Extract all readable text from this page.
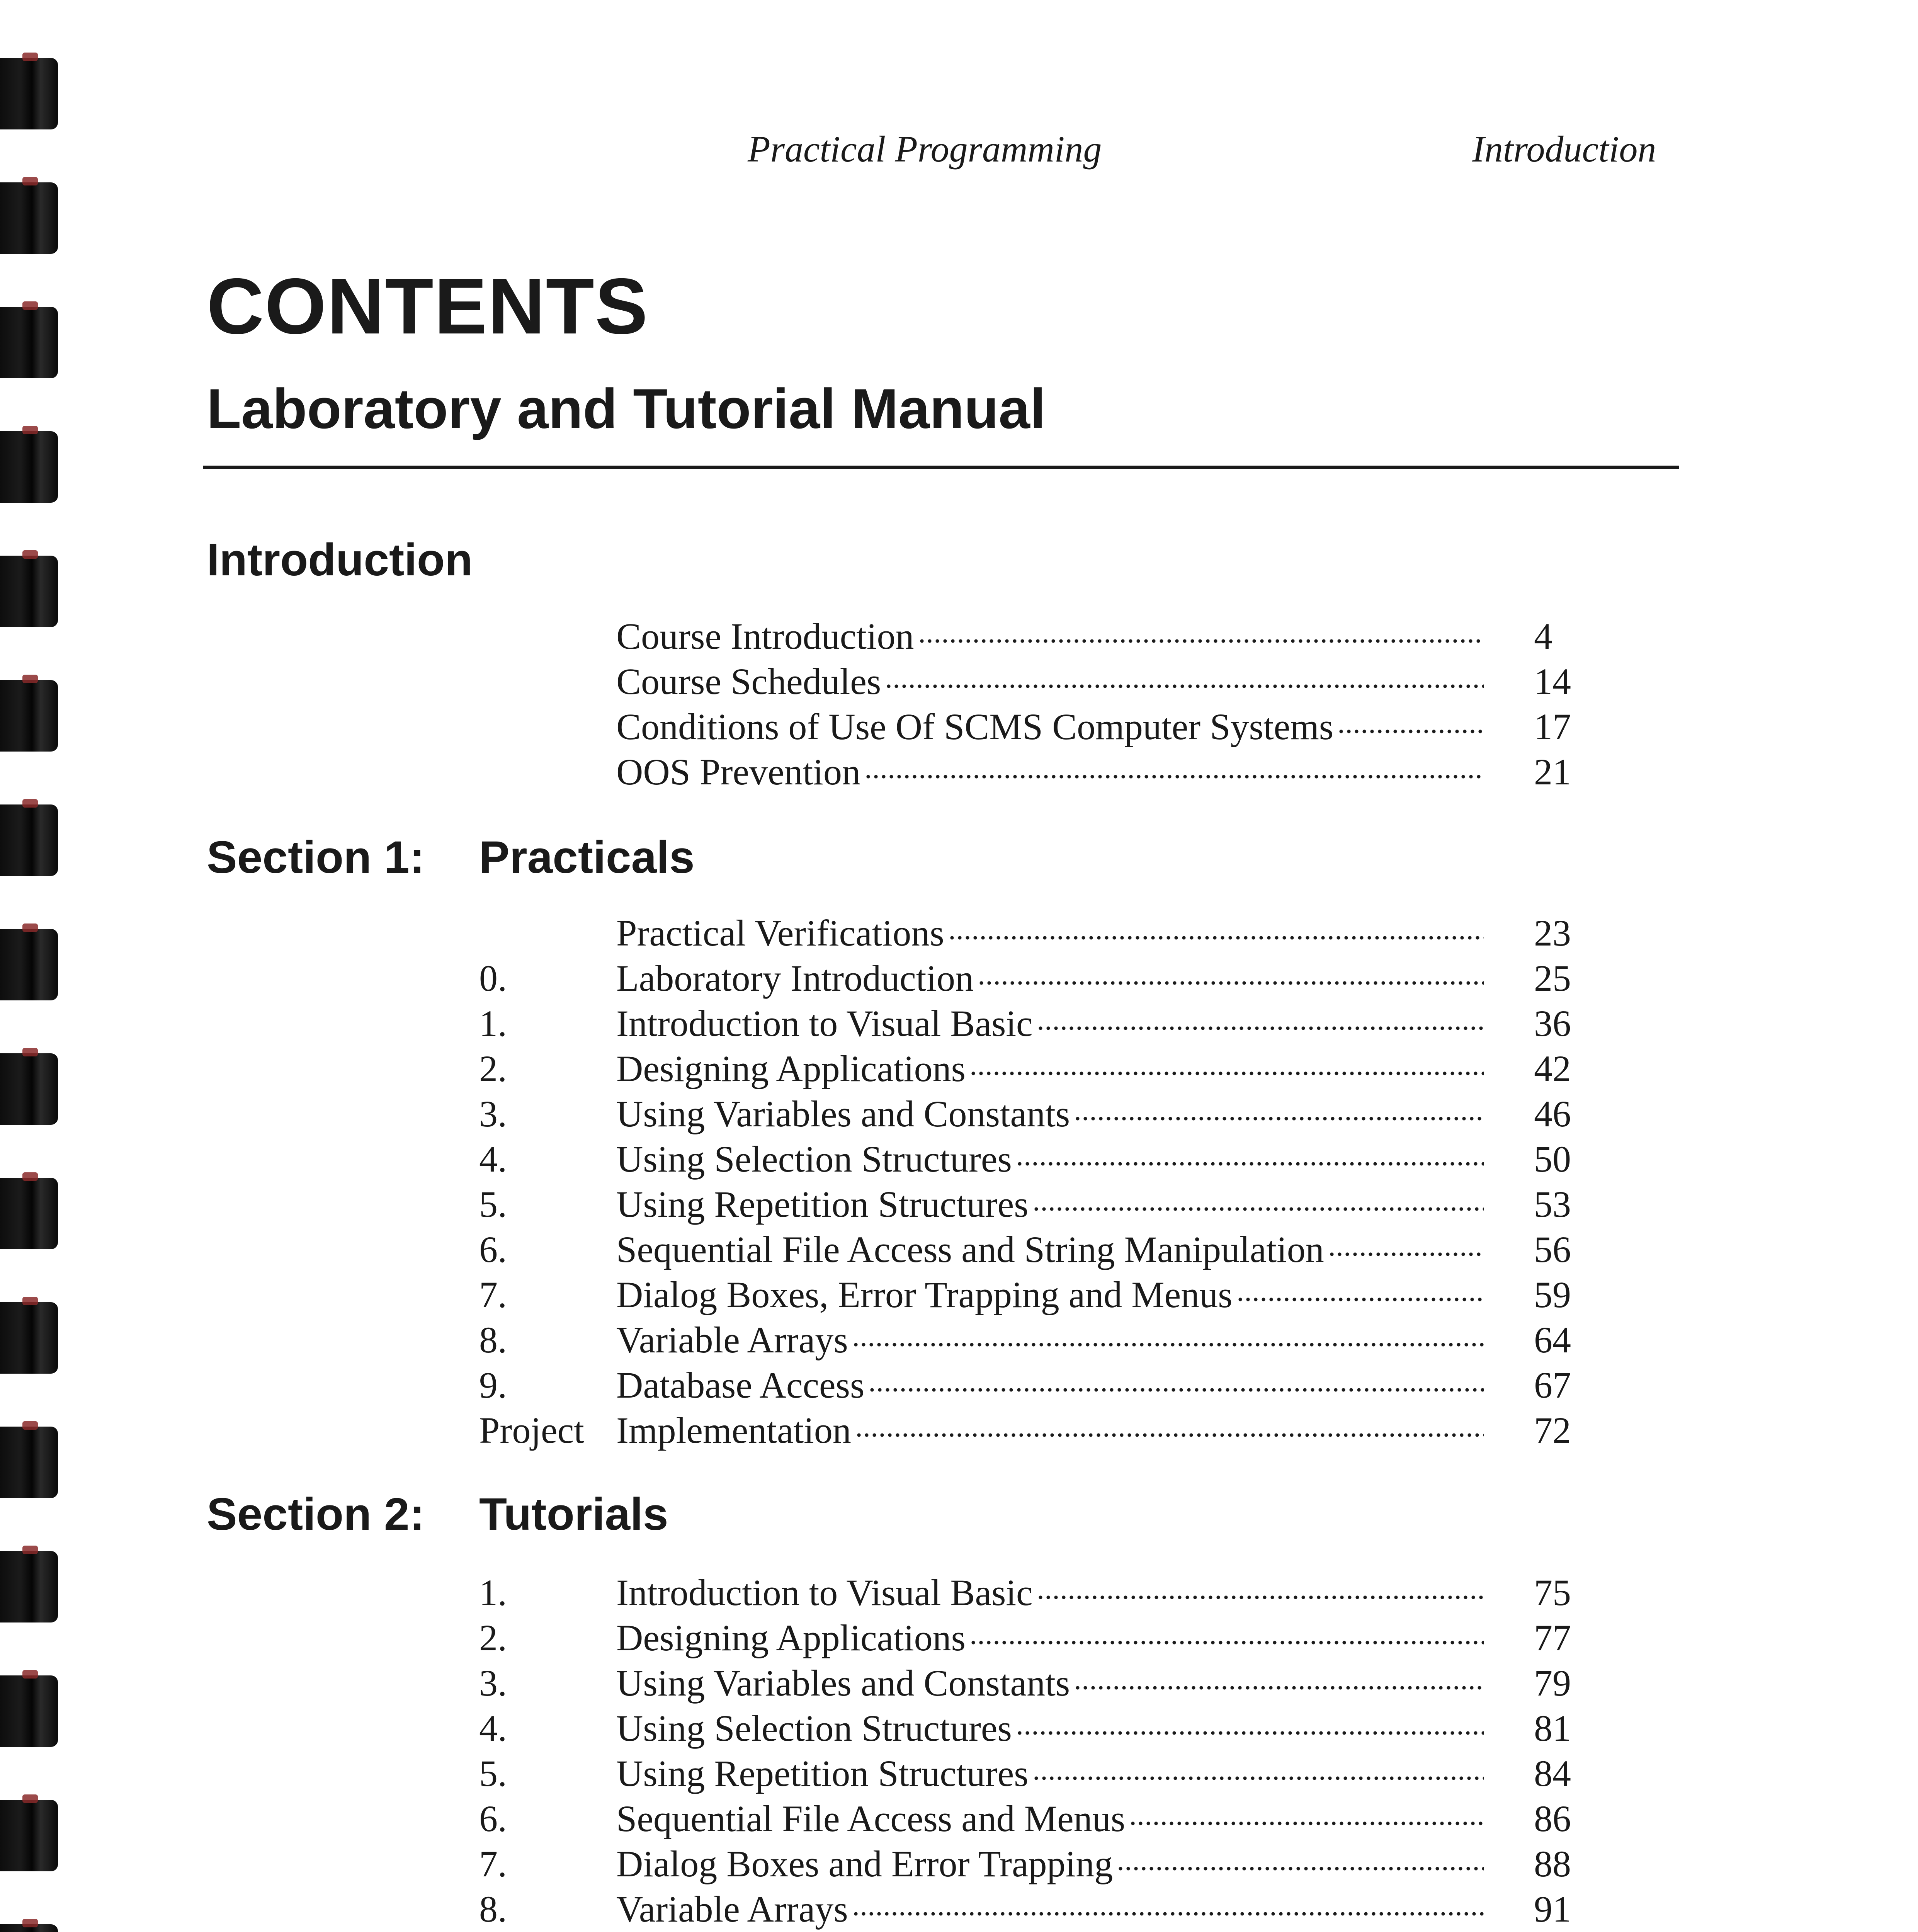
Practical Programming	Introduction
CONTENTS
Laboratory and Tutorial Manual
Introduction
Course Introduction	4
Course Schedules	14
Conditions of Use Of SCMS Computer Systems	17
OOS Prevention	21
Section 1: Practicals
Practical Verifications	23
0.	Laboratory Introduction	25
1.	Introduction to Visual Basic	36
2.	Designing Applications	42
3.	Using Variables and Constants	46
4.	Using Selection Structures	50
5.	Using Repetition Structures	53
6.	Sequential File Access and String Manipulation	56
7.	Dialog Boxes, Error Trapping and Menus	59
8.	Variable Arrays	64
9.	Database Access	67
Project Implementation	72
Section 2: Tutorials
1.	Introduction to Visual Basic	75
2.	Designing Applications	77
3.	Using Variables and Constants	79
4.	Using Selection Structures	81
5.	Using Repetition Structures	84
6.	Sequential File Access and Menus	86
7.	Dialog Boxes and Error Trapping	88
8.	Variable Arrays	91
